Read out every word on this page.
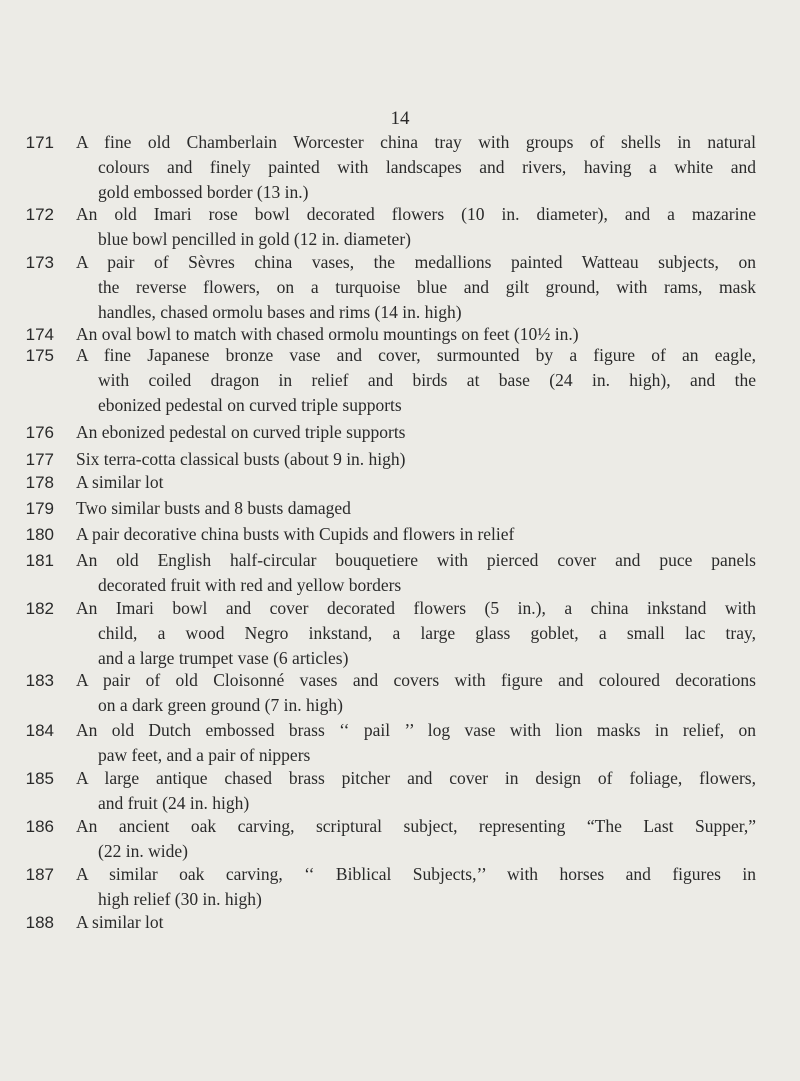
14
171	A fine old Chamberlain Worcester china tray with groups of shells in natural
colours and finely painted with landscapes and rivers, having a white and
gold embossed border (13 in.)
172	An old Imari rose bowl decorated flowers (10 in. diameter), and a mazarine
blue bowl pencilled in gold (12 in. diameter)
173	A pair of Sèvres china vases, the medallions painted Watteau subjects, on
the reverse flowers, on a turquoise blue and gilt ground, with rams, mask
handles, chased ormolu bases and rims (14 in. high)
174	An oval bowl to match with chased ormolu mountings on feet (10½ in.)
175	A fine Japanese bronze vase and cover, surmounted by a figure of an eagle,
with coiled dragon in relief and birds at base (24 in. high), and the
ebonized pedestal on curved triple supports
176	An ebonized pedestal on curved triple supports
177	Six terra-cotta classical busts (about 9 in. high)
178	A similar lot
179	Two similar busts and 8 busts damaged
180	A pair decorative china busts with Cupids and flowers in relief
181	An old English half-circular bouquetiere with pierced cover and puce panels
decorated fruit with red and yellow borders
182	An Imari bowl and cover decorated flowers (5 in.), a china inkstand with
child, a wood Negro inkstand, a large glass goblet, a small lac tray,
and a large trumpet vase (6 articles)
183	A pair of old Cloisonné vases and covers with figure and coloured decorations
on a dark green ground (7 in. high)
184	An old Dutch embossed brass ‘‘ pail ’’ log vase with lion masks in relief, on
paw feet, and a pair of nippers
185	A large antique chased brass pitcher and cover in design of foliage, flowers,
and fruit (24 in. high)
186	An ancient oak carving, scriptural subject, representing “The Last Supper,”
(22 in. wide)
187	A similar oak carving, ‘‘ Biblical Subjects,’’ with horses and figures in
high relief (30 in. high)
188	A similar lot
